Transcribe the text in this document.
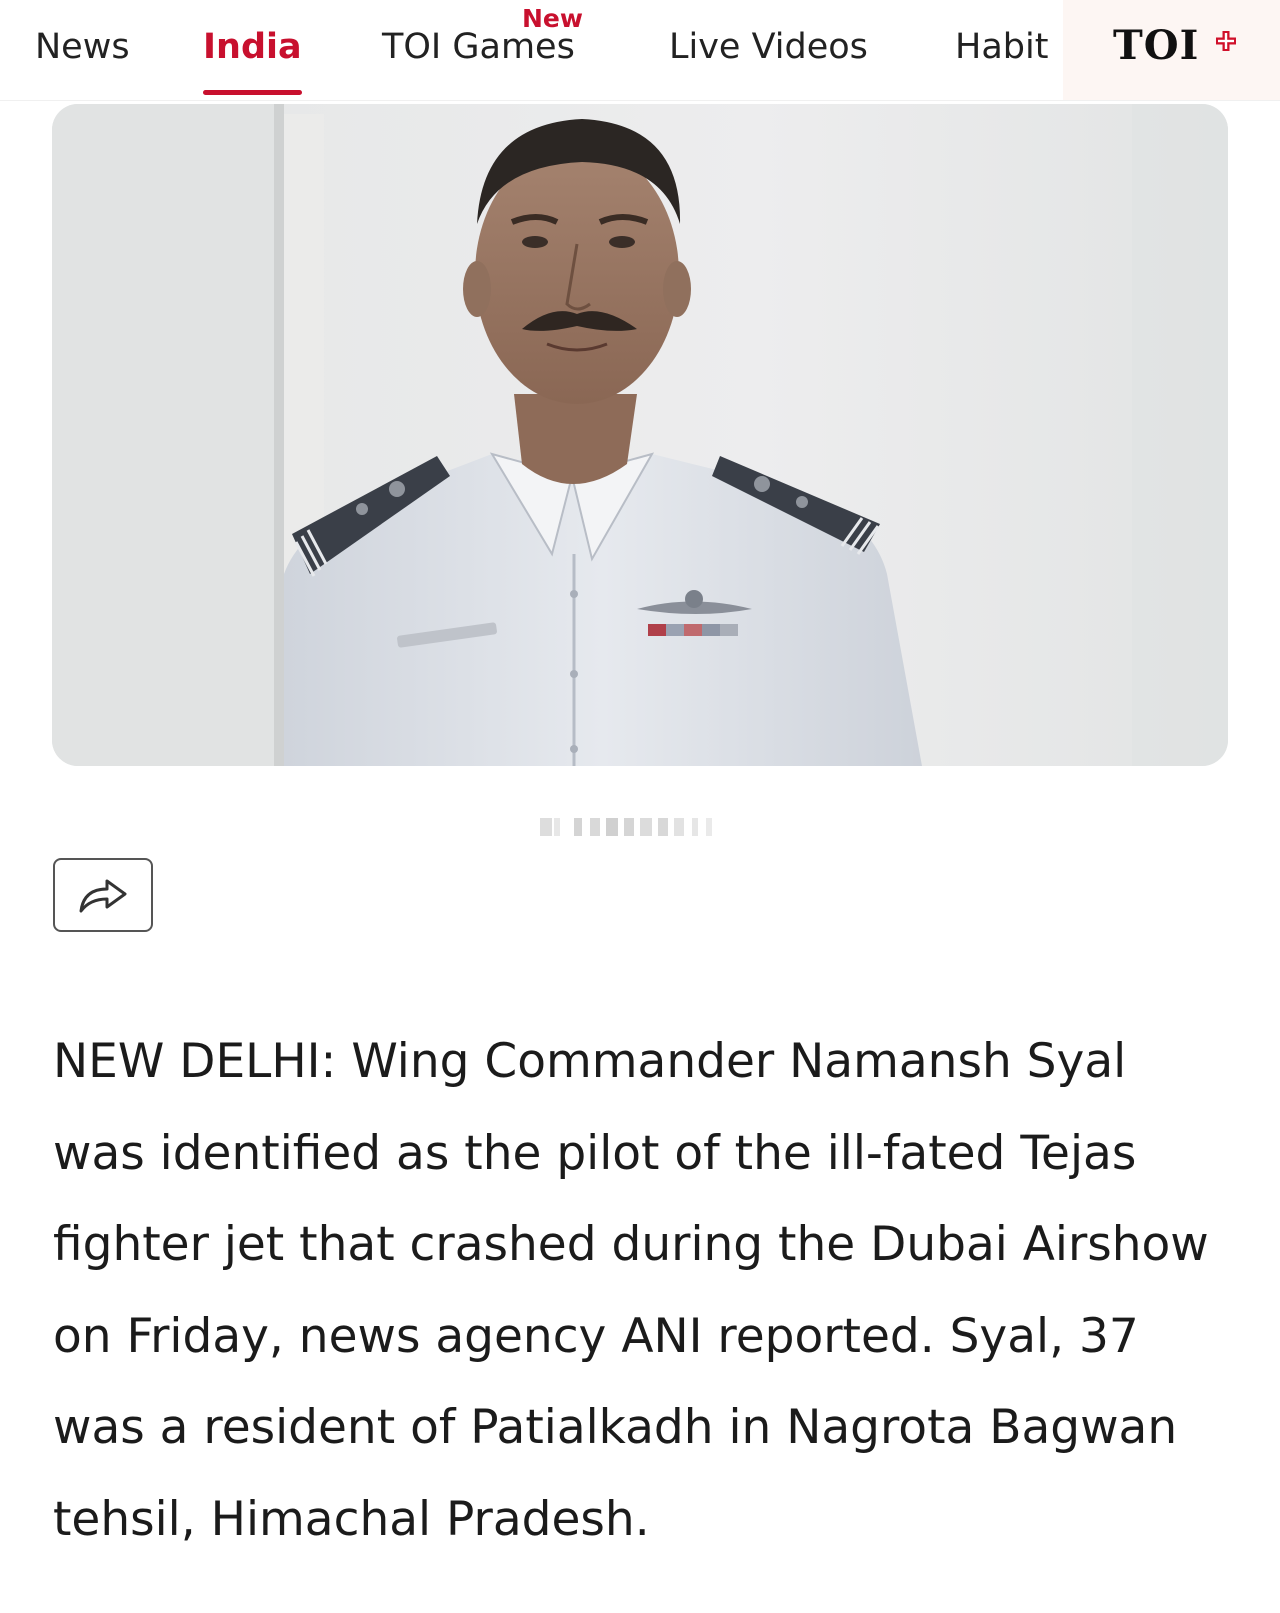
News India
New
TOI Games	Live Videos Habit TOI

NEW DELHI: Wing Commander Namansh Syal was identified as the pilot of the ill-fated Tejas fighter jet that crashed during the Dubai Airshow on Friday, news agency ANI reported. Syal, 37 was a resident of Patialkadh in Nagrota Bagwan tehsil, Himachal Pradesh.
